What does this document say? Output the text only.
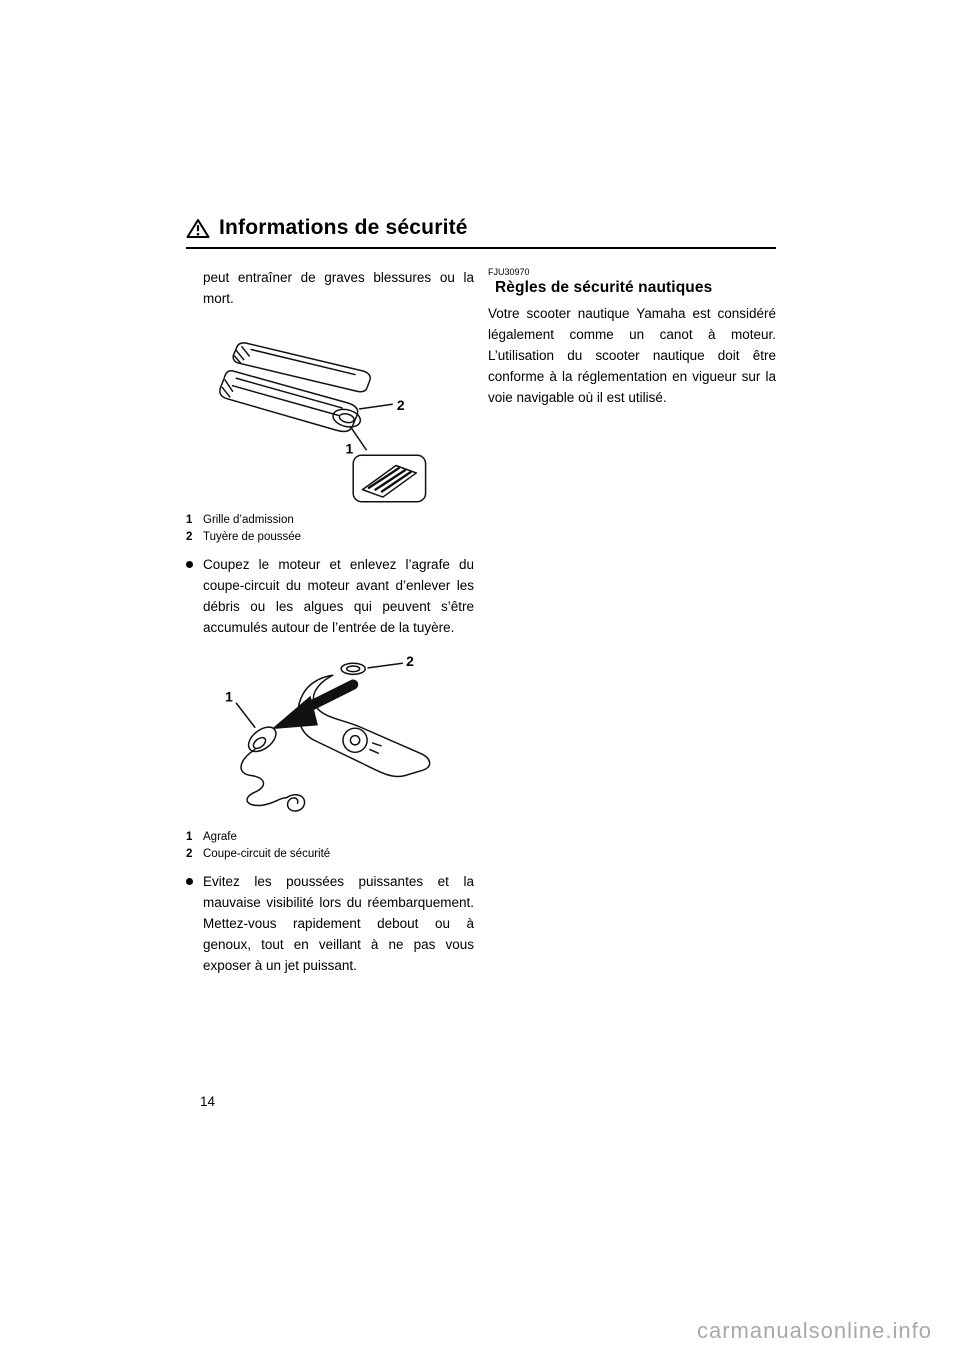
Informations de sécurité

peut entraîner de graves blessures ou la mort.

2
1
1 Grille d’admission
2 Tuyère de poussée

Coupez le moteur et enlevez l’agrafe du coupe-circuit du moteur avant d’enlever les débris ou les algues qui peuvent s’être accumulés autour de l’entrée de la tuyère.

1
2
1 Agrafe
2 Coupe-circuit de sécurité

Evitez les poussées puissantes et la mauvaise visibilité lors du réembarquement. Mettez-vous rapidement debout ou à genoux, tout en veillant à ne pas vous exposer à un jet puissant.

FJU30970
Règles de sécurité nautiques

Votre scooter nautique Yamaha est considéré légalement comme un canot à moteur. L’utilisation du scooter nautique doit être conforme à la réglementation en vigueur sur la voie navigable où il est utilisé.

14
carmanualsonline.info
